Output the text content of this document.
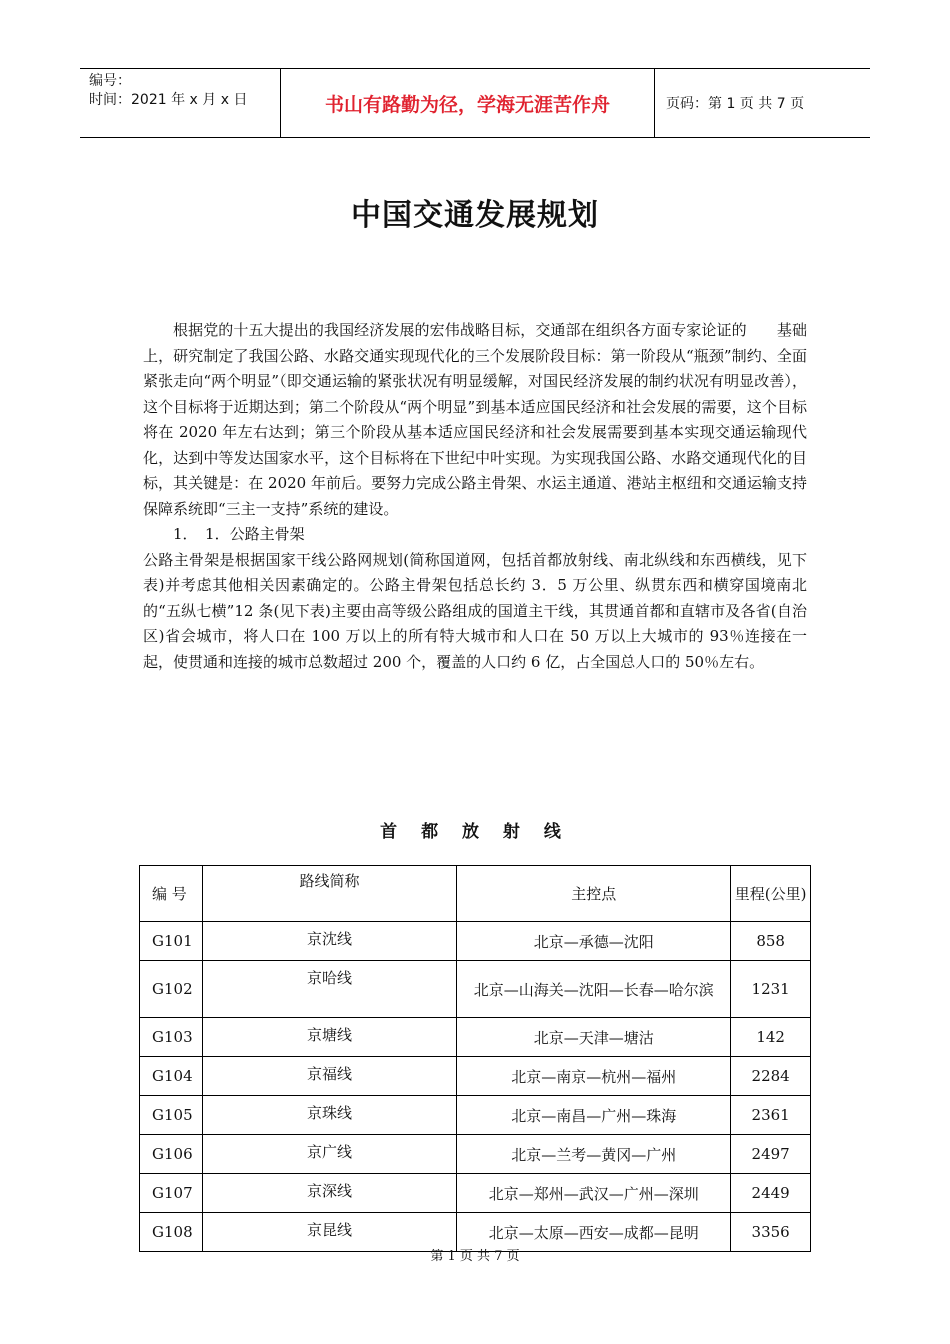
编号：
时间：2021 年 x 月 x 日	书山有路勤为径，学海无涯苦作舟	页码：第 1 页 共 7 页
中国交通发展规划

根据党的十五大提出的我国经济发展的宏伟战略目标，交通部在组织各方面专家论证的　　基础上，研究制定了我国公路、水路交通实现现代化的三个发展阶段目标：第一阶段从“瓶颈”制约、全面紧张走向“两个明显”（即交通运输的紧张状况有明显缓解，对国民经济发展的制约状况有明显改善），这个目标将于近期达到；第二个阶段从“两个明显”到基本适应国民经济和社会发展的需要，这个目标将在 2020 年左右达到；第三个阶段从基本适应国民经济和社会发展需要到基本实现交通运输现代化，达到中等发达国家水平，这个目标将在下世纪中叶实现。为实现我国公路、水路交通现代化的目标，其关键是：在 2020 年前后。要努力完成公路主骨架、水运主通道、港站主枢纽和交通运输支持保障系统即“三主一支持”系统的建设。

1．　1．公路主骨架

公路主骨架是根据国家干线公路网规划(简称国道网，包括首都放射线、南北纵线和东西横线，见下表)并考虑其他相关因素确定的。公路主骨架包括总长约 3．5 万公里、纵贯东西和横穿国境南北的“五纵七横”12 条(见下表)主要由高等级公路组成的国道主干线，其贯通首都和直辖市及各省(自治区)省会城市，将人口在 100 万以上的所有特大城市和人口在 50 万以上大城市的 93％连接在一起，使贯通和连接的城市总数超过 200 个，覆盖的人口约 6 亿，占全国总人口的 50％左右。

首 都 放 射 线
编 号	路线简称	主控点	里程(公里)
G101	京沈线	北京—承德—沈阳	858
G102	京哈线	北京—山海关—沈阳—长春—哈尔滨	1231
G103	京塘线	北京—天津—塘沽	142
G104	京福线	北京—南京—杭州—福州	2284
G105	京珠线	北京—南昌—广州—珠海	2361
G106	京广线	北京—兰考—黄冈—广州	2497
G107	京深线	北京—郑州—武汉—广州—深圳	2449
G108	京昆线	北京—太原—西安—成都—昆明	3356
第 1 页 共 7 页
